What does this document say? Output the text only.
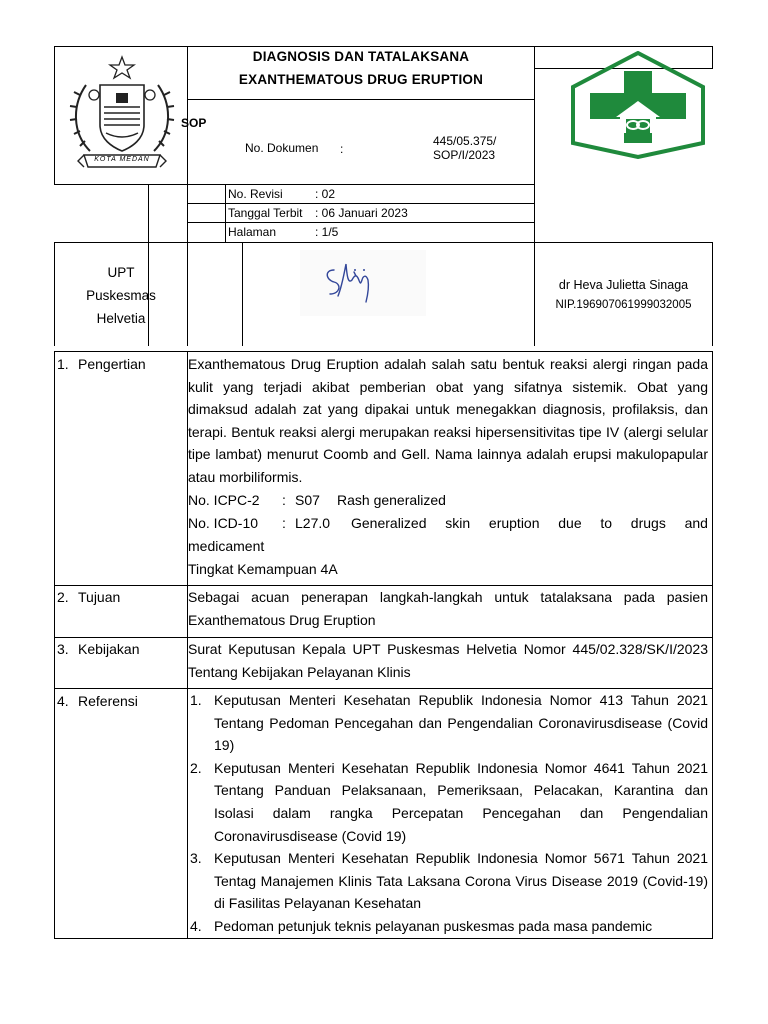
KOTA MEDAN
DIAGNOSIS DAN TATALAKSANA
EXANTHEMATOUS DRUG ERUPTION
SOP
No. Dokumen :
445/05.375/
SOP/I/2023
No. Revisi	: 02
Tanggal Terbit : 06 Januari 2023
Halaman	: 1/5
UPT
Puskesmas
Helvetia
dr Heva Julietta Sinaga
NIP.196907061999032005
1. Pengertian	Exanthematous Drug Eruption adalah salah satu bentuk reaksi alergi ringan pada kulit yang terjadi akibat pemberian obat yang sifatnya sistemik. Obat yang dimaksud adalah zat yang dipakai untuk menegakkan diagnosis, profilaksis, dan terapi. Bentuk reaksi alergi merupakan reaksi hipersensitivitas tipe IV (alergi selular tipe lambat) menurut Coomb and Gell. Nama lainnya adalah erupsi makulopapular atau morbiliformis.
No. ICPC-2 : S07 Rash generalized
No. ICD-10 : L27.0 Generalized skin eruption due to drugs and
medicament
Tingkat Kemampuan 4A
2. Tujuan	Sebagai acuan penerapan langkah-langkah untuk tatalaksana pada pasien Exanthematous Drug Eruption
3. Kebijakan	Surat Keputusan Kepala UPT Puskesmas Helvetia Nomor 445/02.328/SK/I/2023 Tentang Kebijakan Pelayanan Klinis
4. Referensi	1. Keputusan Menteri Kesehatan Republik Indonesia Nomor 413 Tahun 2021 Tentang Pedoman Pencegahan dan Pengendalian Coronavirusdisease (Covid 19)
2. Keputusan Menteri Kesehatan Republik Indonesia Nomor 4641 Tahun 2021 Tentang Panduan Pelaksanaan, Pemeriksaan, Pelacakan, Karantina dan Isolasi dalam rangka Percepatan Pencegahan dan Pengendalian Coronavirusdisease (Covid 19)
3. Keputusan Menteri Kesehatan Republik Indonesia Nomor 5671 Tahun 2021 Tentag Manajemen Klinis Tata Laksana Corona Virus Disease 2019 (Covid-19) di Fasilitas Pelayanan Kesehatan
4. Pedoman petunjuk teknis pelayanan puskesmas pada masa pandemic
